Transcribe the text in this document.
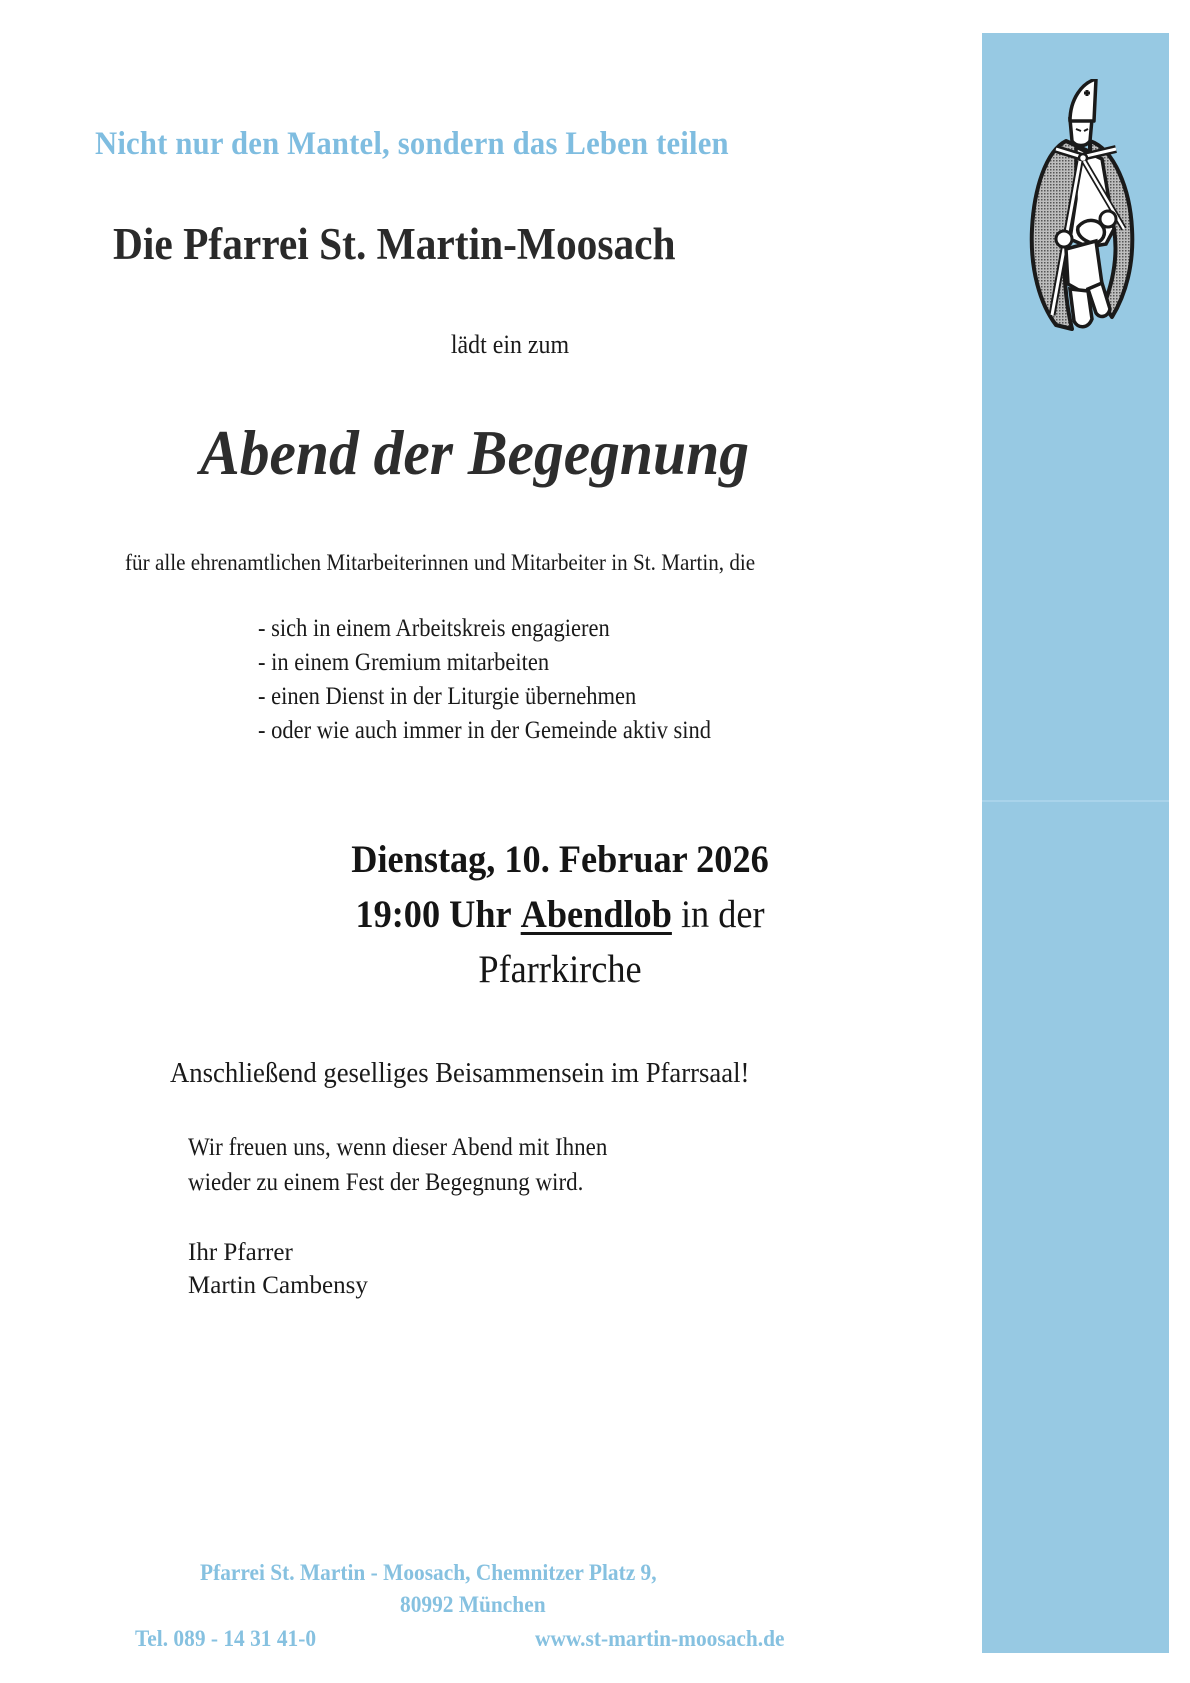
Nicht nur den Mantel, sondern das Leben teilen
Die Pfarrei St. Martin-Moosach
lädt ein zum
Abend der Begegnung
für alle ehrenamtlichen Mitarbeiterinnen und Mitarbeiter in St. Martin, die
- sich in einem Arbeitskreis engagieren
- in einem Gremium mitarbeiten
- einen Dienst in der Liturgie übernehmen
- oder wie auch immer in der Gemeinde aktiv sind
Dienstag, 10. Februar 2026
19:00 Uhr Abendlob in der
Pfarrkirche
Anschließend geselliges Beisammensein im Pfarrsaal!
Wir freuen uns, wenn dieser Abend mit Ihnen
wieder zu einem Fest der Begegnung wird.
Ihr Pfarrer
Martin Cambensy
Pfarrei St. Martin - Moosach, Chemnitzer Platz 9,
80992 München
Tel. 089 - 14 31 41-0	www.st-martin-moosach.de
